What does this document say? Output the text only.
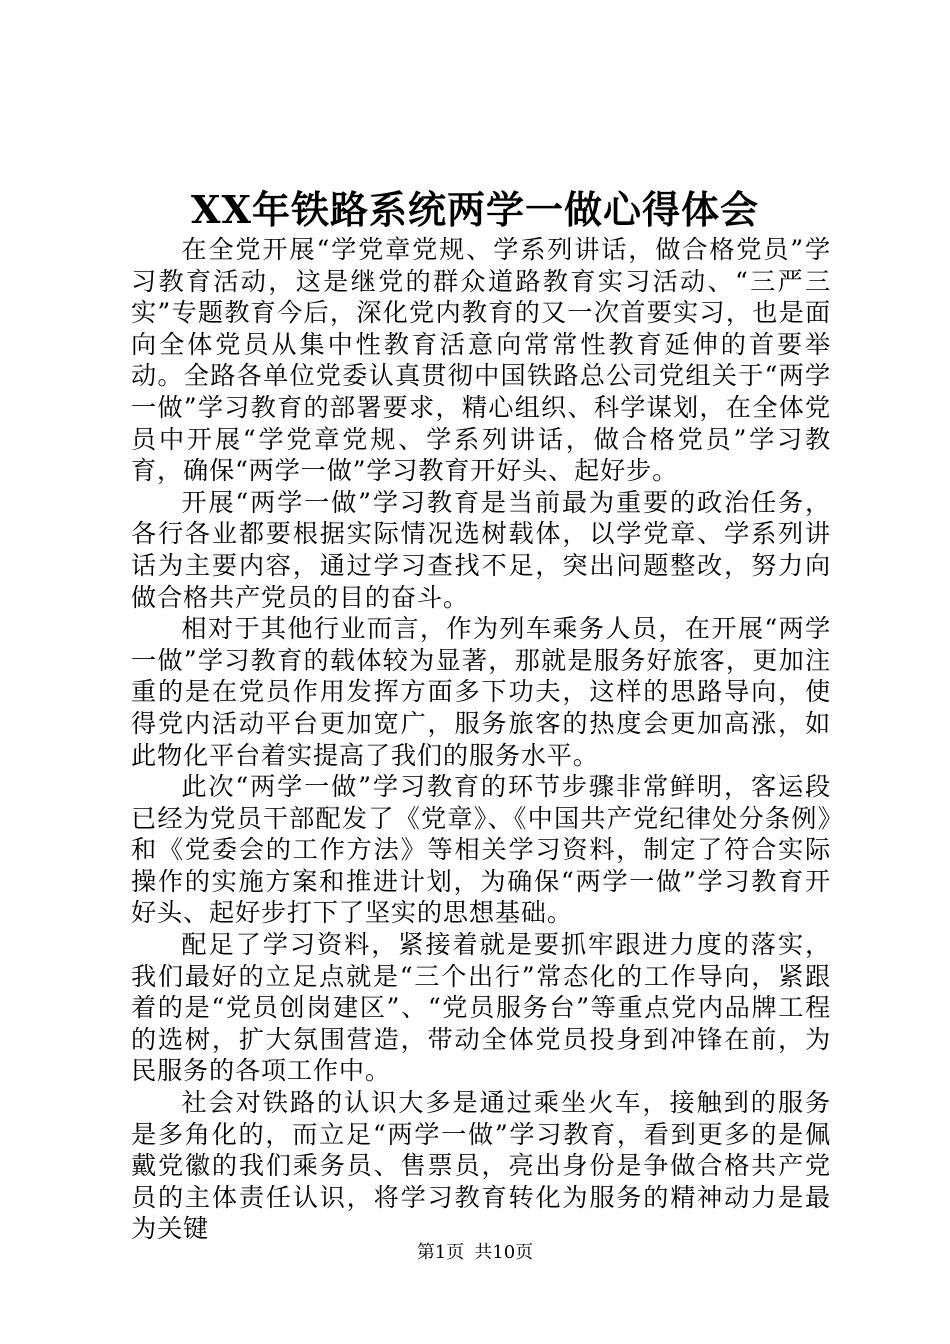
XX年铁路系统两学一做心得体会

在全党开展“学党章党规、学系列讲话，做合格党员”学习教育活动，这是继党的群众道路教育实习活动、“三严三实”专题教育今后，深化党内教育的又一次首要实习，也是面向全体党员从集中性教育活意向常常性教育延伸的首要举动。全路各单位党委认真贯彻中国铁路总公司党组关于“两学一做”学习教育的部署要求，精心组织、科学谋划，在全体党员中开展“学党章党规、学系列讲话，做合格党员”学习教育，确保“两学一做”学习教育开好头、起好步。

开展“两学一做”学习教育是当前最为重要的政治任务，各行各业都要根据实际情况选树载体，以学党章、学系列讲话为主要内容，通过学习查找不足，突出问题整改，努力向做合格共产党员的目的奋斗。

相对于其他行业而言，作为列车乘务人员，在开展“两学一做”学习教育的载体较为显著，那就是服务好旅客，更加注重的是在党员作用发挥方面多下功夫，这样的思路导向，使得党内活动平台更加宽广，服务旅客的热度会更加高涨，如此物化平台着实提高了我们的服务水平。

此次“两学一做”学习教育的环节步骤非常鲜明，客运段已经为党员干部配发了《党章》、《中国共产党纪律处分条例》和《党委会的工作方法》等相关学习资料，制定了符合实际操作的实施方案和推进计划，为确保“两学一做”学习教育开好头、起好步打下了坚实的思想基础。

配足了学习资料，紧接着就是要抓牢跟进力度的落实，我们最好的立足点就是“三个出行”常态化的工作导向，紧跟着的是“党员创岗建区”、“党员服务台”等重点党内品牌工程的选树，扩大氛围营造，带动全体党员投身到冲锋在前，为民服务的各项工作中。

社会对铁路的认识大多是通过乘坐火车，接触到的服务是多角化的，而立足“两学一做”学习教育，看到更多的是佩戴党徽的我们乘务员、售票员，亮出身份是争做合格共产党员的主体责任认识，将学习教育转化为服务的精神动力是最为关键

第1页 共10页
